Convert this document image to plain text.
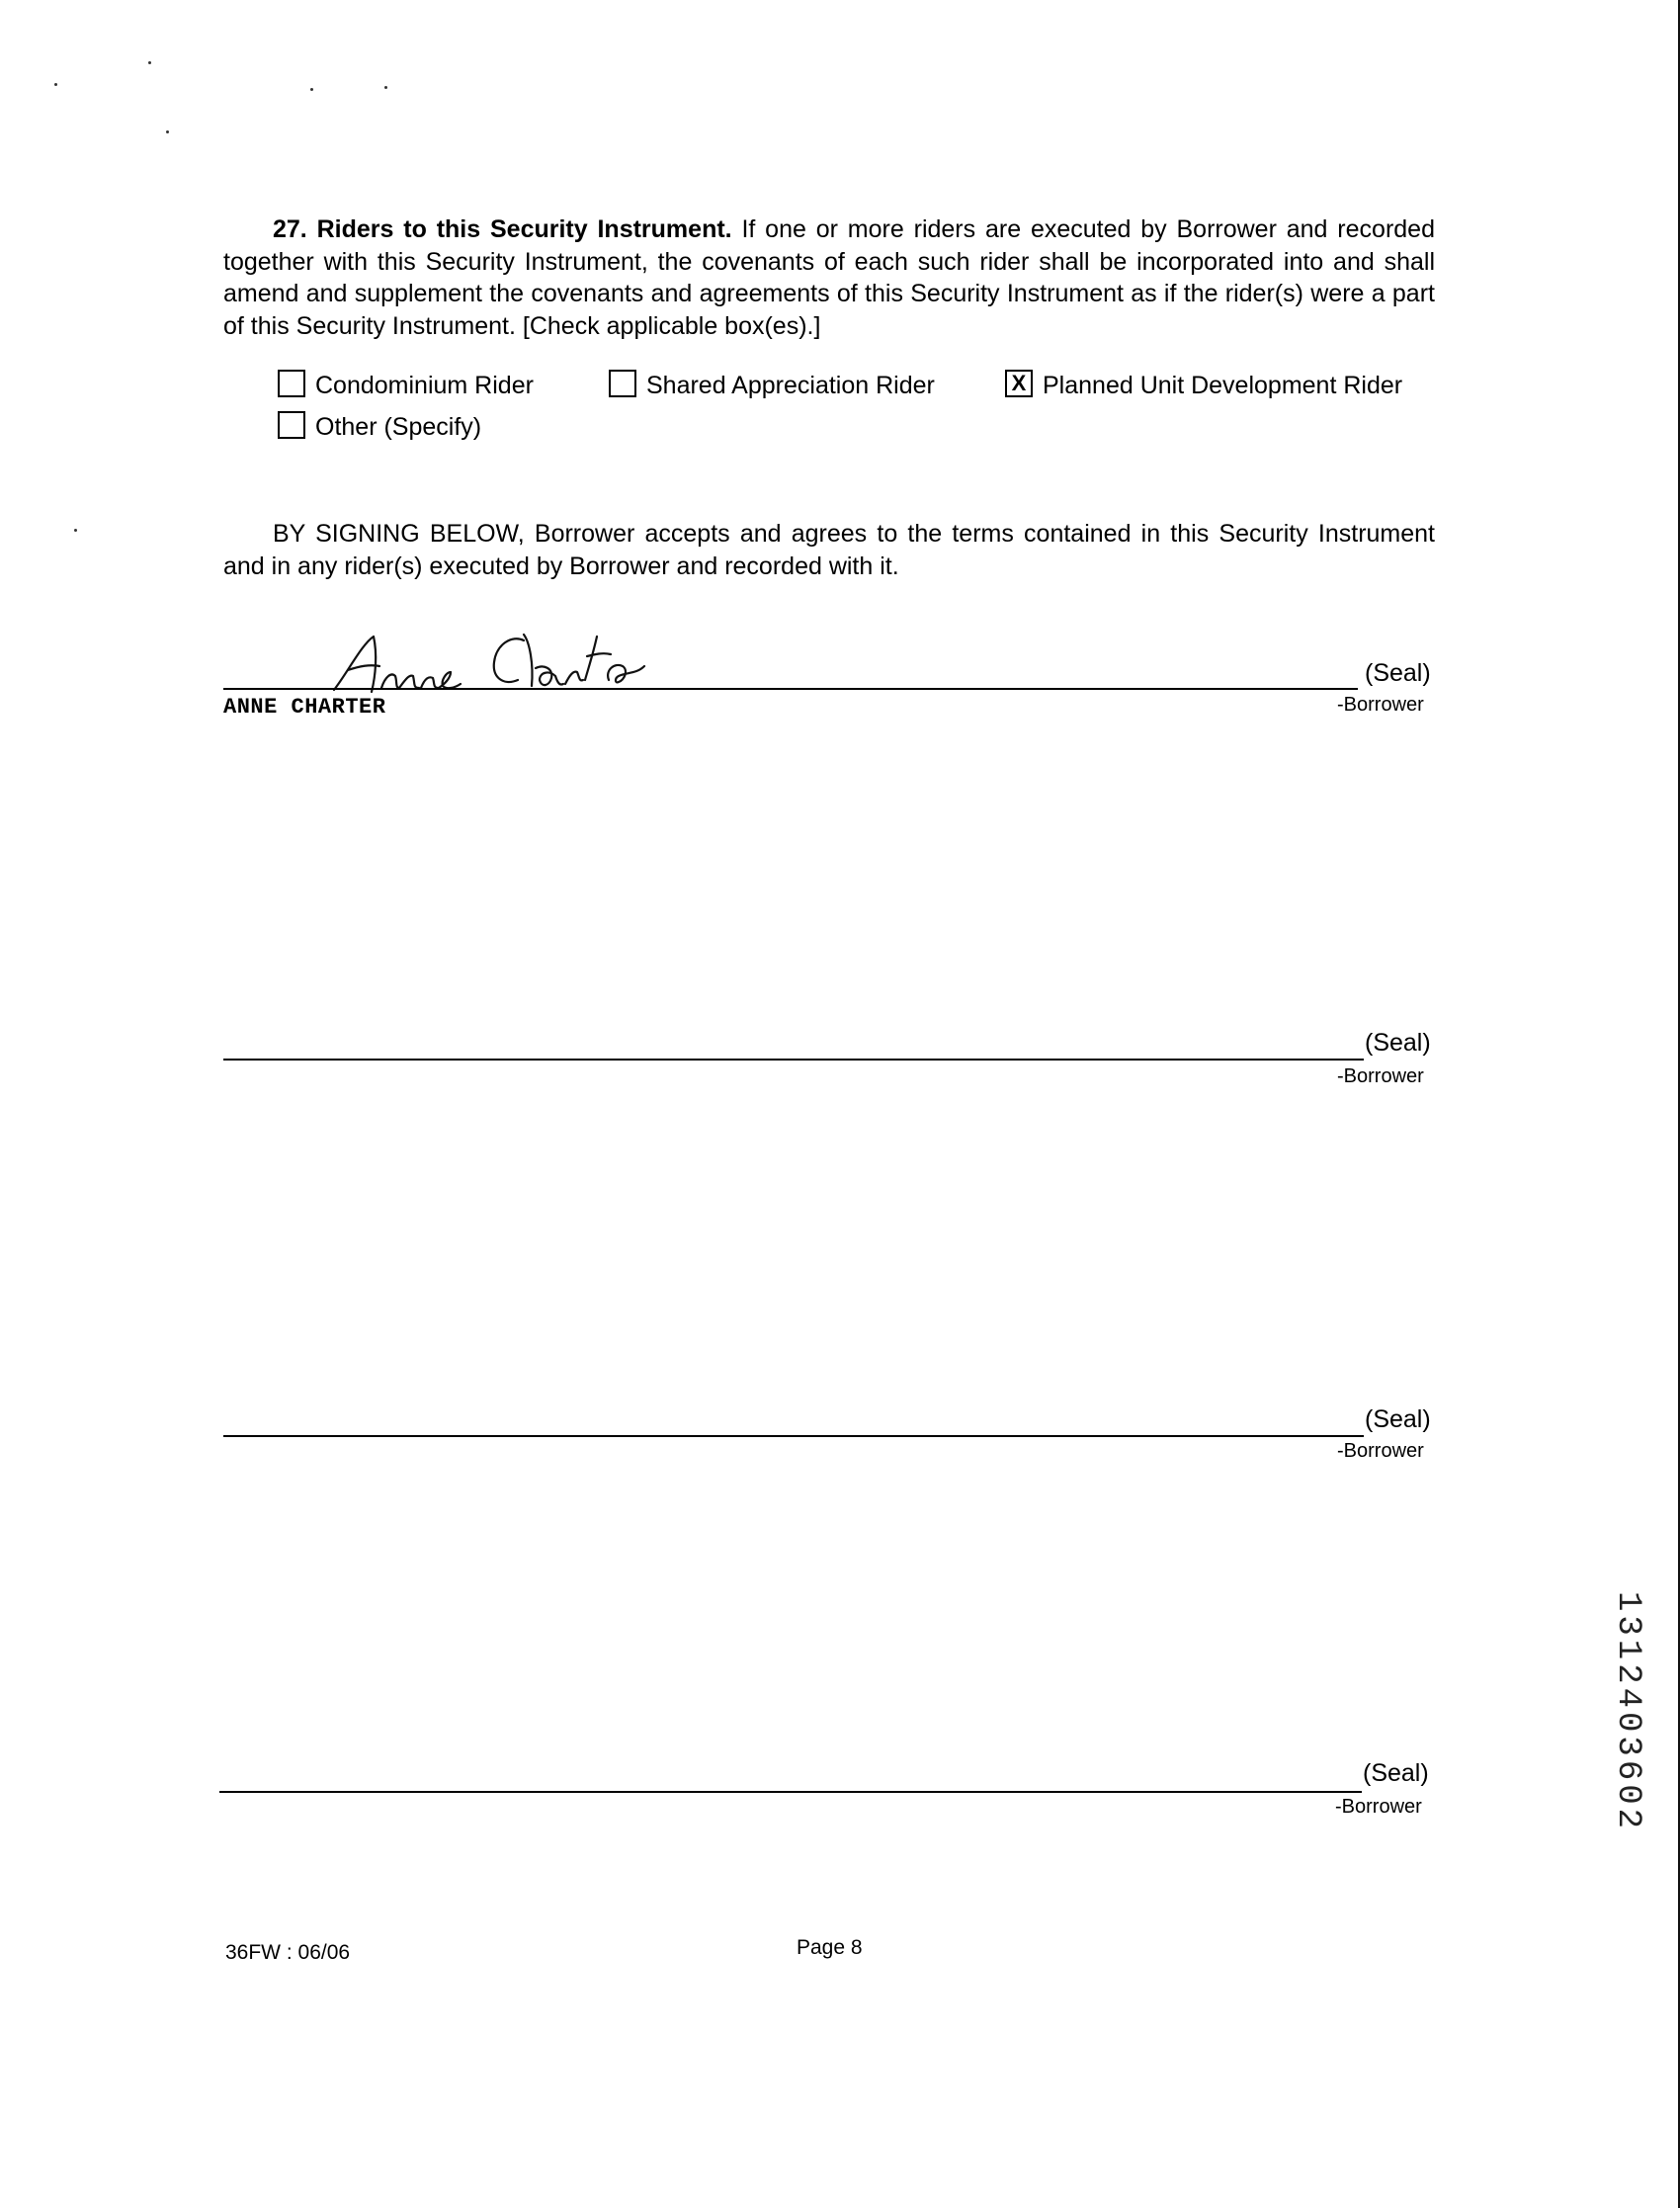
27. Riders to this Security Instrument. If one or more riders are executed by Borrower and recorded together with this Security Instrument, the covenants of each such rider shall be incorporated into and shall amend and supplement the covenants and agreements of this Security Instrument as if the rider(s) were a part of this Security Instrument. [Check applicable box(es).]
Condominium Rider	Shared Appreciation Rider	X Planned Unit Development Rider
Other (Specify)
BY SIGNING BELOW, Borrower accepts and agrees to the terms contained in this Security Instrument and in any rider(s) executed by Borrower and recorded with it.
(Seal)
-Borrower
ANNE CHARTER
(Seal)
-Borrower
(Seal)
-Borrower
(Seal)
-Borrower
36FW : 06/06	Page 8
1312403602
